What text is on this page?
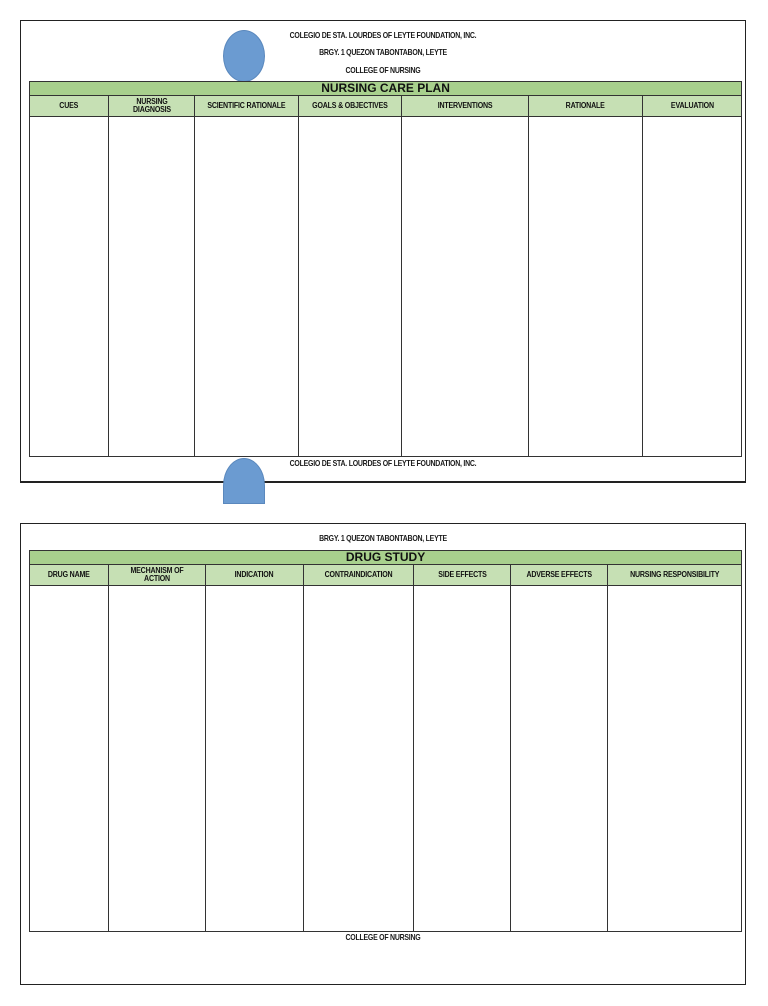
COLEGIO DE STA. LOURDES OF LEYTE FOUNDATION, INC.
BRGY. 1 QUEZON TABONTABON, LEYTE
COLLEGE OF NURSING
NURSING CARE PLAN						
CUES	NURSING DIAGNOSIS	SCIENTIFIC RATIONALE	GOALS & OBJECTIVES	INTERVENTIONS	RATIONALE	EVALUATION

COLEGIO DE STA. LOURDES OF LEYTE FOUNDATION, INC.
BRGY. 1 QUEZON TABONTABON, LEYTE
DRUG STUDY						
DRUG NAME	MECHANISM OF ACTION	INDICATION	CONTRAINDICATION	SIDE EFFECTS	ADVERSE EFFECTS	NURSING RESPONSIBILITY

COLLEGE OF NURSING
